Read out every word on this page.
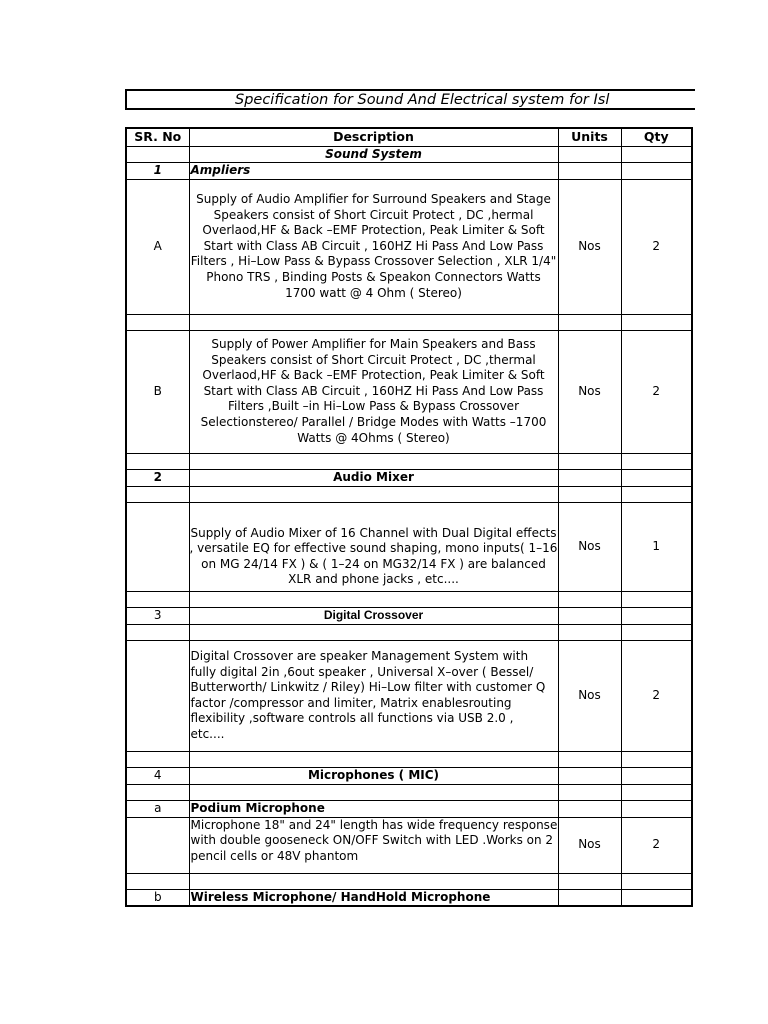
Specification for Sound And Electrical system for Isl
SR. No	Description	Units	Qty
	Sound System		
1	Ampliers		
A	Supply of Audio Amplifier for Surround Speakers and Stage Speakers consist of Short Circuit Protect , DC ,hermal Overlaod,HF & Back –EMF Protection, Peak Limiter & Soft Start with Class AB Circuit , 160HZ Hi Pass And Low Pass Filters , Hi–Low Pass & Bypass Crossover Selection , XLR 1/4" Phono TRS , Binding Posts & Speakon Connectors Watts 1700 watt @ 4 Ohm ( Stereo)	Nos	2

B	Supply of Power Amplifier for Main Speakers and Bass Speakers consist of Short Circuit Protect , DC ,thermal Overlaod,HF & Back –EMF Protection, Peak Limiter & Soft Start with Class AB Circuit , 160HZ Hi Pass And Low Pass Filters ,Built –in Hi–Low Pass & Bypass Crossover Selectionstereo/ Parallel / Bridge Modes with Watts –1700 Watts @ 4Ohms ( Stereo)	Nos	2

2	Audio Mixer		

	Supply of Audio Mixer of 16 Channel with Dual Digital effects , versatile EQ for effective sound shaping, mono inputs( 1–16 on MG 24/14 FX ) & ( 1–24 on MG32/14 FX ) are balanced XLR and phone jacks , etc....	Nos	1

3	Digital Crossover		

	Digital Crossover are speaker Management System with fully digital 2in ,6out speaker , Universal X–over ( Bessel/ Butterworth/ Linkwitz / Riley) Hi–Low filter with customer Q factor /compressor and limiter, Matrix enablesrouting flexibility ,software controls all functions via USB 2.0 , etc....	Nos	2

4	Microphones ( MIC)		

a	Podium Microphone		
	Microphone 18" and 24" length has wide frequency response with double gooseneck ON/OFF Switch with LED .Works on 2 pencil cells or 48V phantom	Nos	2

b	Wireless Microphone/ HandHold Microphone		
